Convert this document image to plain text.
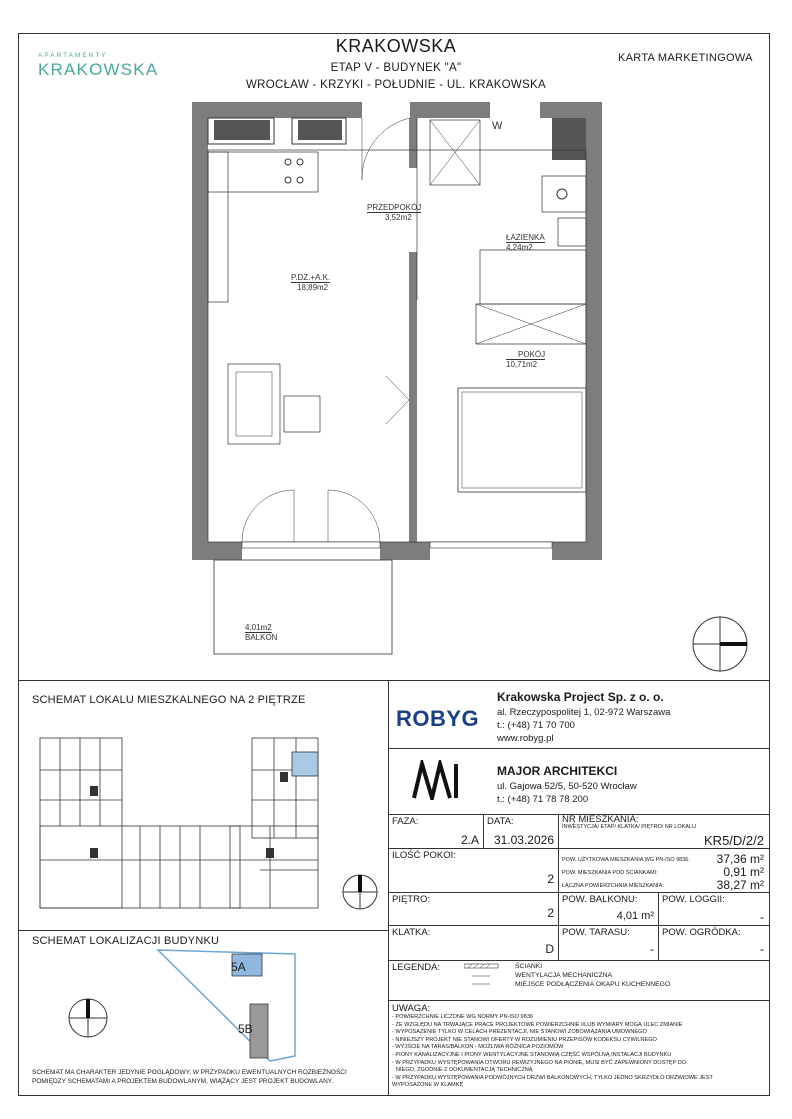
APARTAMENTY
KRAKOWSKA
KRAKOWSKA
ETAP V - BUDYNEK "A"
WROCŁAW - KRZYKI - POŁUDNIE - UL. KRAKOWSKA
KARTA MARKETINGOWA
PRZEDPOKÓJ
3,52m2
ŁAZIENKA
4,24m2
P.DZ.+A.K.
18,89m2
POKÓJ
10,71m2
4,01m2
BALKON
W
SCHEMAT LOKALU MIESZKALNEGO NA 2 PIĘTRZE
SCHEMAT LOKALIZACJI BUDYNKU
5A
5B
SCHEMAT MA CHARAKTER JEDYNIE POGLĄDOWY, W PRZYPADKU EWENTUALNYCH ROZBIEŻNOŚCI POMIĘDZY SCHEMATAMI A PROJEKTEM BUDOWLANYM, WIĄŻĄCY JEST PROJEKT BUDOWLANY.
ROBYG
Krakowska Project Sp. z o. o.
al. Rzeczypospolitej 1, 02-972 Warszawa
t.: (+48) 71 70 700
www.robyg.pl
MAJOR ARCHITEKCI
ul. Gajowa 52/5, 50-520 Wrocław
t.: (+48) 71 78 78 200
FAZA:
2.A
DATA:
31.03.2026
NR MIESZKANIA:
INWESTYCJA/ ETAP/ KLATKA/ PIĘTRO/ NR LOKALU
KR5/D/2/2
ILOŚĆ POKOI:
2
POW. UŻYTKOWA MIESZKANIA WG PN-ISO 9836:	37,36 m²
POW. MIESZKANIA POD ŚCIANKAMI:	0,91 m²
ŁĄCZNA POWIERZCHNIA MIESZKANIA:	38,27 m²
PIĘTRO:
2
POW. BALKONU:
4,01 m²
POW. LOGGII:
-
KLATKA:
D
POW. TARASU:
-
POW. OGRÓDKA:
-
LEGENDA:	ŚCIANKI
WENTYLACJA MECHANICZNA
MIEJSCE PODŁĄCZENIA OKAPU KUCHENNEGO
UWAGA:
- POWIERZCHNIE LICZONE WG NORMY PN-ISO 9836
- ZE WZGLĘDU NA TRWAJĄCE PRACE PROJEKTOWE POWIERZCHNIE I/LUB WYMIARY MOGĄ ULEC ZMIANIE
- WYPOSAŻENIE TYLKO W CELACH PREZENTACJI, NIE STANOWI ZOBOWIĄZANIA UMOWNEGO
- NINIEJSZY PROJEKT NIE STANOWI OFERTY W ROZUMIENIU PRZEPISÓW KODEKSU CYWILNEGO
- WYJŚCIE NA TARAS/BALKON - MOŻLIWA RÓŻNICA POZIOMÓW
- PIONY KANALIZACYJNE I PIONY WENTYLACYJNE STANOWIĄ CZĘŚĆ WSPÓLNĄ INSTALACJI BUDYNKU
- W PRZYPADKU WYSTĘPOWANIA OTWORU REWIZYJNEGO NA PIONIE, MUSI BYĆ ZAPEWNIONY DOSTĘP DO
NIEGO, ZGODNIE Z DOKUMENTACJĄ TECHNICZNĄ
- W PRZYPADKU WYSTĘPOWANIA PODWÓJNYCH DRZWI BALKONOWYCH, TYLKO JEDNO SKRZYDŁO DRZWIOWE JEST
WYPOSAŻONE W KLAMKĘ
